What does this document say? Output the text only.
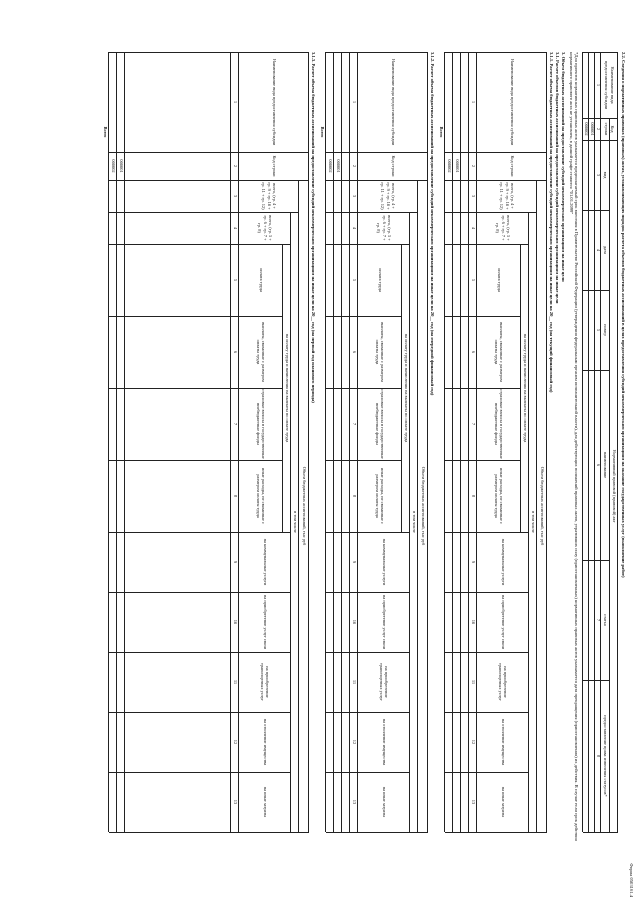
Форма 0503161.4
2.2. Сведения о нормативных правовых (правовых) актах, устанавливающих порядок расчета объемов бюджетных ассигнований в целях предоставления субсидий некоммерческим организациям на оказание государственных услуг (выполнение работ)
Наименование вида предоставления субсидии
Код строки
Нормативный правовой (правовой) акт
вид
дата
номер
наименование
статья
предоставление права изменения статусов*
1
2
3
4
5
6
7
8
000001
000002
*Для проектов нормативных правовых актов указывается предполагаемый срок внесения в Правительство Российской Федерации (утверждения федеральным органом исполнительной власти), для действующих положений правовых актов, утративших силу (приостановленных) нормативных правовых актов указывается дата прекращения (приостановления) их действия. В случае если срок действия нормативного правового акта не установлен, в данной графе ставится "01.01.2099"
3. Объем бюджетных ассигнований на предоставление субсидий некоммерческим организациям на иные цели
3.1. Расчет объемов бюджетных ассигнований на предоставление субсидий некоммерческим организациям на иные цели
3.1.1. Расчет объема бюджетных ассигнований на предоставление субсидий некоммерческим организациям на иные цели на 20__ год (на текущий финансовый год)
Наименование вида предоставления субсидии
Код строки
Объем бюджетных ассигнований, тыс руб
всего, (гр. 4 + гр. 9 + гр. 10 + гр. 11 + гр. 12)
в том числе
всего, (гр. 5 + гр. 6 + гр. 7 + гр. 8)
на оплату труда и начисления на выплаты по оплате труда
оплата труда
выплаты, связанные с размером оплаты труда
страховые взносы в государственные внебюджетные фонды
иные расходы, не связанные с размером оплаты труда
на коммунальные услуги
на приобретение услуг связи
на приобретение транспортных услуг
на отопление имущества
на иные затраты
000001
000002
Всего
1
2
3
4
5
6
7
8
9
10
11
12
13
3.1.2. Расчет объема бюджетных ассигнований на предоставление субсидий некоммерческим организациям на иные цели на 20__ год (на очередной финансовый год)
Наименование вида предоставления субсидии
Код строки
Объем бюджетных ассигнований, тыс руб
всего, (гр. 4 + гр. 9 + гр. 10 + гр. 11 + гр. 12)
в том числе
всего, (гр. 5 + гр. 6 + гр. 7 + гр. 8)
на оплату труда и начисления на выплаты по оплате труда
оплата труда
выплаты, связанные с размером оплаты труда
страховые взносы в государственные внебюджетные фонды
иные расходы, не связанные с размером оплаты труда
на коммунальные услуги
на приобретение услуг связи
на приобретение транспортных услуг
на отопление имущества
на иные затраты
000001
000002
Всего
1
2
3
4
5
6
7
8
9
10
11
12
13
3.1.3. Расчет объема бюджетных ассигнований на предоставление субсидий некоммерческим организациям на иные цели на 20__ год (на первый год планового периода)
Наименование вида предоставления субсидии
Код строки
Объем бюджетных ассигнований, тыс руб
всего, (гр. 4 + гр. 9 + гр. 10 + гр. 11 + гр. 12)
в том числе
всего, (гр. 5 + гр. 6 + гр. 7 + гр. 8)
на оплату труда и начисления на выплаты по оплате труда
оплата труда
выплаты, связанные с размером оплаты труда
страховые взносы в государственные внебюджетные фонды
иные расходы, не связанные с размером оплаты труда
на коммунальные услуги
на приобретение услуг связи
на приобретение транспортных услуг
на отопление имущества
на иные затраты
000001
000002
Всего
1
2
3
4
5
6
7
8
9
10
11
12
13
